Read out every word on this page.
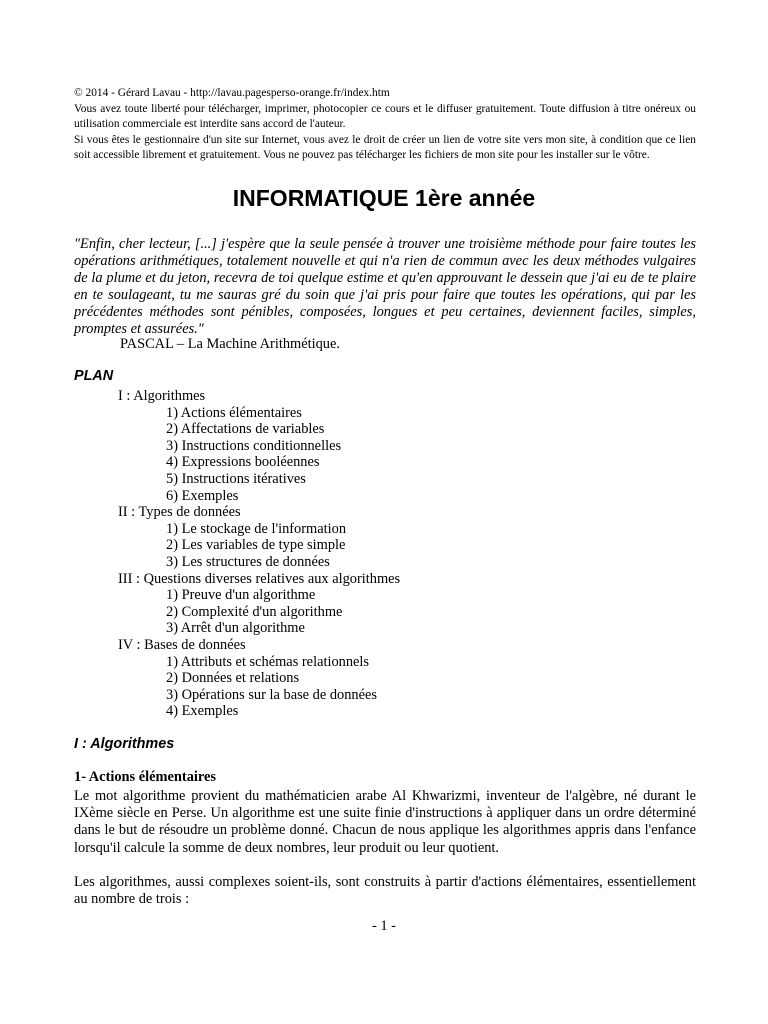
© 2014 - Gérard Lavau - http://lavau.pagesperso-orange.fr/index.htm

Vous avez toute liberté pour télécharger, imprimer, photocopier ce cours et le diffuser gratuitement. Toute diffusion à titre onéreux ou utilisation commerciale est interdite sans accord de l'auteur.

Si vous êtes le gestionnaire d'un site sur Internet, vous avez le droit de créer un lien de votre site vers mon site, à condition que ce lien soit accessible librement et gratuitement. Vous ne pouvez pas télécharger les fichiers de mon site pour les installer sur le vôtre.

INFORMATIQUE 1ère année

"Enfin, cher lecteur, [...] j'espère que la seule pensée à trouver une troisième méthode pour faire toutes les opérations arithmétiques, totalement nouvelle et qui n'a rien de commun avec les deux méthodes vulgaires de la plume et du jeton, recevra de toi quelque estime et qu'en approuvant le dessein que j'ai eu de te plaire en te soulageant, tu me sauras gré du soin que j'ai pris pour faire que toutes les opérations, qui par les précédentes méthodes sont pénibles, composées, longues et peu certaines, deviennent faciles, simples, promptes et assurées."

PASCAL – La Machine Arithmétique.
PLAN
I : Algorithmes
1) Actions élémentaires
2) Affectations de variables
3) Instructions conditionnelles
4) Expressions booléennes
5) Instructions itératives
6) Exemples
II : Types de données
1) Le stockage de l'information
2) Les variables de type simple
3) Les structures de données
III : Questions diverses relatives aux algorithmes
1) Preuve d'un algorithme
2) Complexité d'un algorithme
3) Arrêt d'un algorithme
IV : Bases de données
1) Attributs et schémas relationnels
2) Données et relations
3) Opérations sur la base de données
4) Exemples
I : Algorithmes
1- Actions élémentaires

Le mot algorithme provient du mathématicien arabe Al Khwarizmi, inventeur de l'algèbre, né durant le IXème siècle en Perse. Un algorithme est une suite finie d'instructions à appliquer dans un ordre déterminé dans le but de résoudre un problème donné. Chacun de nous applique les algorithmes appris dans l'enfance lorsqu'il calcule la somme de deux nombres, leur produit ou leur quotient.

Les algorithmes, aussi complexes soient-ils, sont construits à partir d'actions élémentaires, essentiellement au nombre de trois :

- 1 -
